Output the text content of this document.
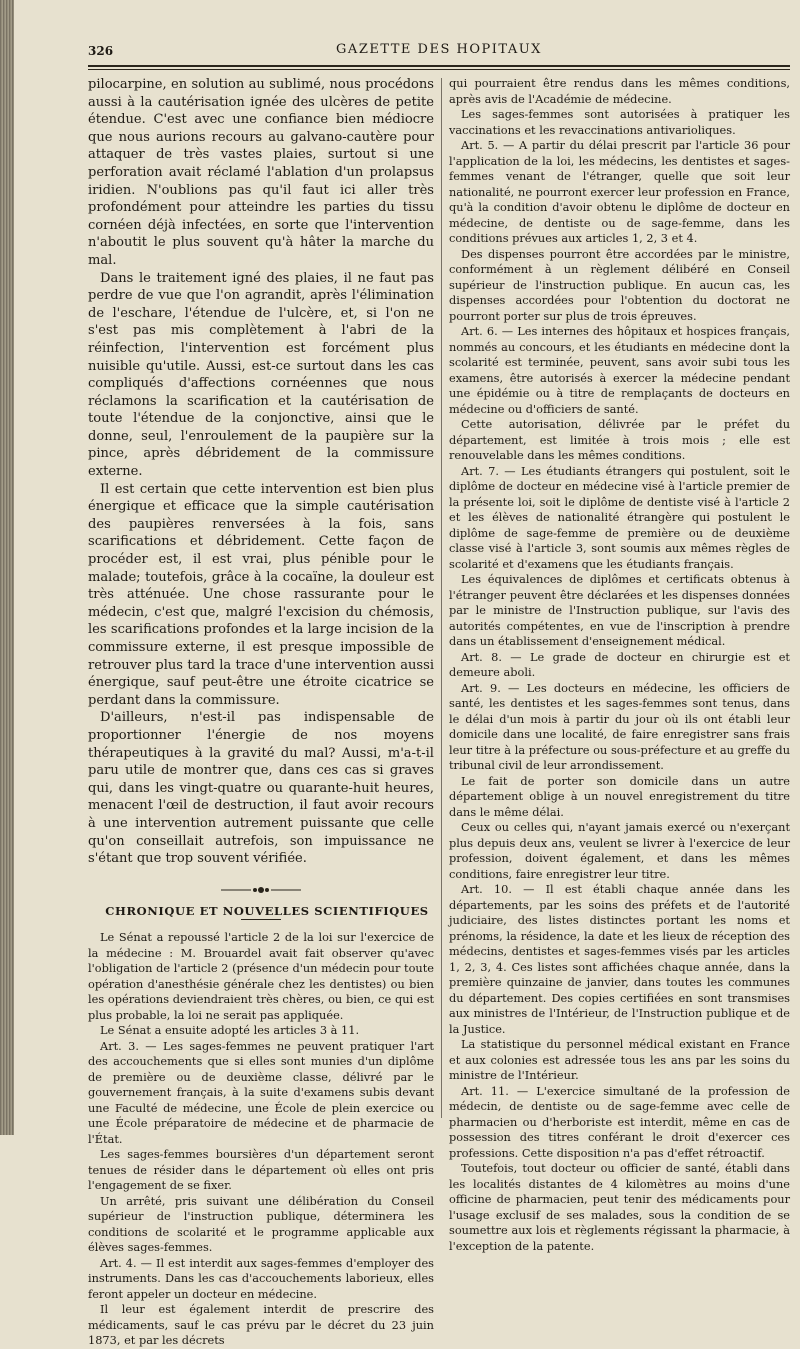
326	GAZETTE DES HOPITAUX

pilocarpine, en solution au sublimé, nous procédons aussi à la cautérisation ignée des ulcères de petite étendue. C'est avec une confiance bien médiocre que nous aurions recours au galvano-cautère pour attaquer de très vastes plaies, surtout si une perforation avait réclamé l'ablation d'un prolapsus iridien. N'oublions pas qu'il faut ici aller très profondément pour atteindre les parties du tissu cornéen déjà infectées, en sorte que l'intervention n'aboutit le plus souvent qu'à hâter la marche du mal.

Dans le traitement igné des plaies, il ne faut pas perdre de vue que l'on agrandit, après l'élimination de l'eschare, l'étendue de l'ulcère, et, si l'on ne s'est pas mis complètement à l'abri de la réinfection, l'intervention est forcément plus nuisible qu'utile. Aussi, est-ce surtout dans les cas compliqués d'affections cornéennes que nous réclamons la scarification et la cautérisation de toute l'étendue de la conjonctive, ainsi que le donne, seul, l'enroulement de la paupière sur la pince, après débridement de la commissure externe.

Il est certain que cette intervention est bien plus énergique et efficace que la simple cautérisation des paupières renversées à la fois, sans scarifications et débridement. Cette façon de procéder est, il est vrai, plus pénible pour le malade; toutefois, grâce à la cocaïne, la douleur est très atténuée. Une chose rassurante pour le médecin, c'est que, malgré l'excision du chémosis, les scarifications profondes et la large incision de la commissure externe, il est presque impossible de retrouver plus tard la trace d'une intervention aussi énergique, sauf peut-être une étroite cicatrice se perdant dans la commissure.

D'ailleurs, n'est-il pas indispensable de proportionner l'énergie de nos moyens thérapeutiques à la gravité du mal? Aussi, m'a-t-il paru utile de montrer que, dans ces cas si graves qui, dans les vingt-quatre ou quarante-huit heures, menacent l'œil de destruction, il faut avoir recours à une intervention autrement puissante que celle qu'on conseillait autrefois, son impuissance ne s'étant que trop souvent vérifiée.

CHRONIQUE ET NOUVELLES SCIENTIFIQUES

Le Sénat a repoussé l'article 2 de la loi sur l'exercice de la médecine : M. Brouardel avait fait observer qu'avec l'obligation de l'article 2 (présence d'un médecin pour toute opération d'anesthésie générale chez les dentistes) ou bien les opérations deviendraient très chères, ou bien, ce qui est plus probable, la loi ne serait pas appliquée.

Le Sénat a ensuite adopté les articles 3 à 11.

Art. 3. — Les sages-femmes ne peuvent pratiquer l'art des accouchements que si elles sont munies d'un diplôme de première ou de deuxième classe, délivré par le gouvernement français, à la suite d'examens subis devant une Faculté de médecine, une École de plein exercice ou une École préparatoire de médecine et de pharmacie de l'État.

Les sages-femmes boursières d'un département seront tenues de résider dans le département où elles ont pris l'engagement de se fixer.

Un arrêté, pris suivant une délibération du Conseil supérieur de l'instruction publique, déterminera les conditions de scolarité et le programme applicable aux élèves sages-femmes.

Art. 4. — Il est interdit aux sages-femmes d'employer des instruments. Dans les cas d'accouchements laborieux, elles feront appeler un docteur en médecine.

Il leur est également interdit de prescrire des médicaments, sauf le cas prévu par le décret du 23 juin 1873, et par les décrets

qui pourraient être rendus dans les mêmes conditions, après avis de l'Académie de médecine.

Les sages-femmes sont autorisées à pratiquer les vaccinations et les revaccinations antivarioliques.

Art. 5. — A partir du délai prescrit par l'article 36 pour l'application de la loi, les médecins, les dentistes et sages-femmes venant de l'étranger, quelle que soit leur nationalité, ne pourront exercer leur profession en France, qu'à la condition d'avoir obtenu le diplôme de docteur en médecine, de dentiste ou de sage-femme, dans les conditions prévues aux articles 1, 2, 3 et 4.

Des dispenses pourront être accordées par le ministre, conformément à un règlement délibéré en Conseil supérieur de l'instruction publique. En aucun cas, les dispenses accordées pour l'obtention du doctorat ne pourront porter sur plus de trois épreuves.

Art. 6. — Les internes des hôpitaux et hospices français, nommés au concours, et les étudiants en médecine dont la scolarité est terminée, peuvent, sans avoir subi tous les examens, être autorisés à exercer la médecine pendant une épidémie ou à titre de remplaçants de docteurs en médecine ou d'officiers de santé.

Cette autorisation, délivrée par le préfet du département, est limitée à trois mois ; elle est renouvelable dans les mêmes conditions.

Art. 7. — Les étudiants étrangers qui postulent, soit le diplôme de docteur en médecine visé à l'article premier de la présente loi, soit le diplôme de dentiste visé à l'article 2 et les élèves de nationalité étrangère qui postulent le diplôme de sage-femme de première ou de deuxième classe visé à l'article 3, sont soumis aux mêmes règles de scolarité et d'examens que les étudiants français.

Les équivalences de diplômes et certificats obtenus à l'étranger peuvent être déclarées et les dispenses données par le ministre de l'Instruction publique, sur l'avis des autorités compétentes, en vue de l'inscription à prendre dans un établissement d'enseignement médical.

Art. 8. — Le grade de docteur en chirurgie est et demeure aboli.

Art. 9. — Les docteurs en médecine, les officiers de santé, les dentistes et les sages-femmes sont tenus, dans le délai d'un mois à partir du jour où ils ont établi leur domicile dans une localité, de faire enregistrer sans frais leur titre à la préfecture ou sous-préfecture et au greffe du tribunal civil de leur arrondissement.

Le fait de porter son domicile dans un autre département oblige à un nouvel enregistrement du titre dans le même délai.

Ceux ou celles qui, n'ayant jamais exercé ou n'exerçant plus depuis deux ans, veulent se livrer à l'exercice de leur profession, doivent également, et dans les mêmes conditions, faire enregistrer leur titre.

Art. 10. — Il est établi chaque année dans les départements, par les soins des préfets et de l'autorité judiciaire, des listes distinctes portant les noms et prénoms, la résidence, la date et les lieux de réception des médecins, dentistes et sages-femmes visés par les articles 1, 2, 3, 4. Ces listes sont affichées chaque année, dans la première quinzaine de janvier, dans toutes les communes du département. Des copies certifiées en sont transmises aux ministres de l'Intérieur, de l'Instruction publique et de la Justice.

La statistique du personnel médical existant en France et aux colonies est adressée tous les ans par les soins du ministre de l'Intérieur.

Art. 11. — L'exercice simultané de la profession de médecin, de dentiste ou de sage-femme avec celle de pharmacien ou d'herboriste est interdit, même en cas de possession des titres conférant le droit d'exercer ces professions. Cette disposition n'a pas d'effet rétroactif.

Toutefois, tout docteur ou officier de santé, établi dans les localités distantes de 4 kilomètres au moins d'une officine de pharmacien, peut tenir des médicaments pour l'usage exclusif de ses malades, sous la condition de se soumettre aux lois et règlements régissant la pharmacie, à l'exception de la patente.
